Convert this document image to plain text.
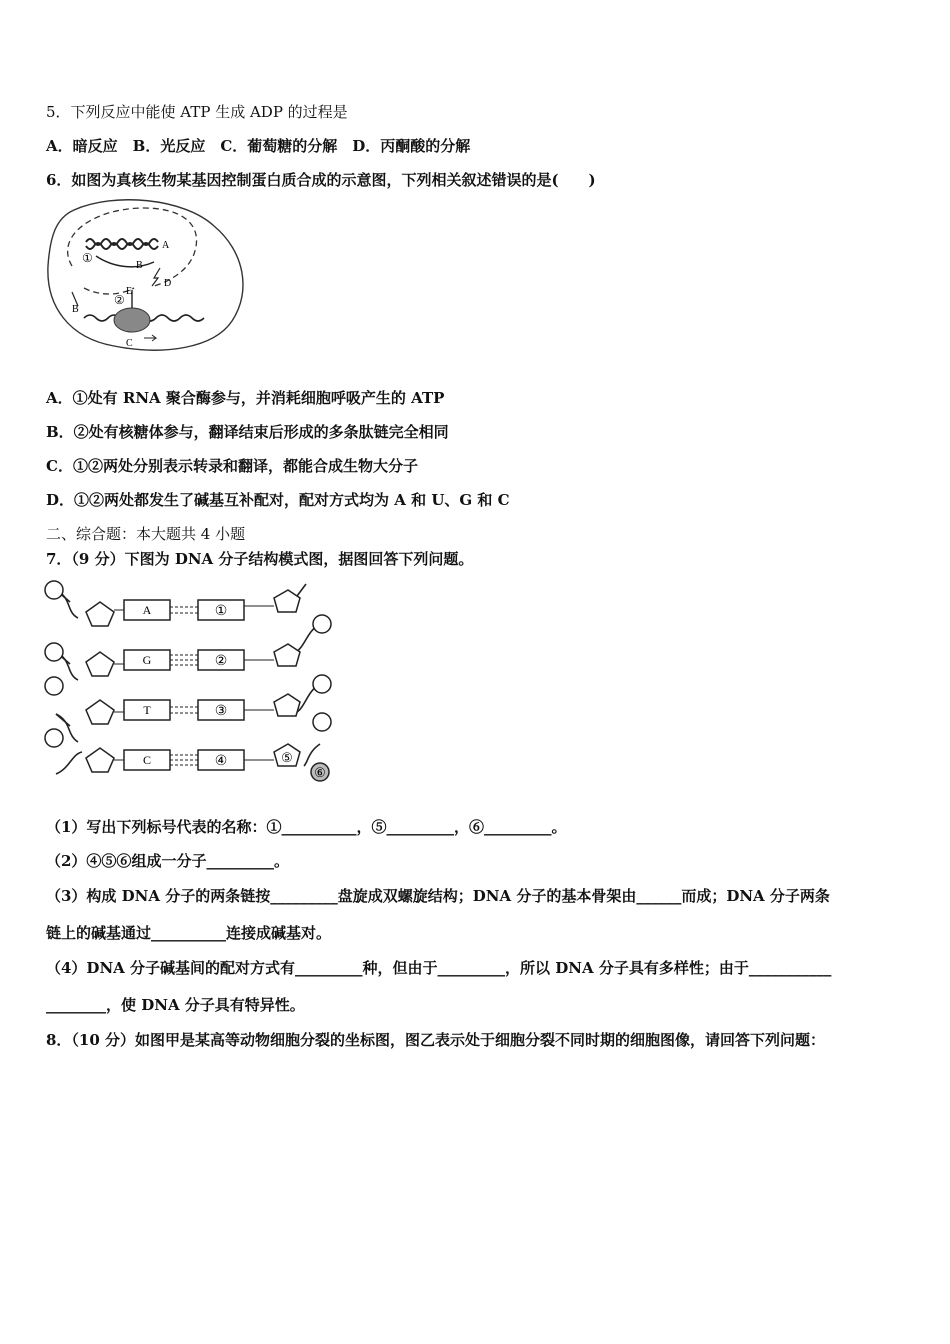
5．下列反应中能使 ATP 生成 ADP 的过程是
A．暗反应　B．光反应　C．葡萄糖的分解　D．丙酮酸的分解
6．如图为真核生物某基因控制蛋白质合成的示意图，下列相关叙述错误的是(　　)
A
①
B
B
②
E
D
C
A．①处有 RNA 聚合酶参与，并消耗细胞呼吸产生的 ATP
B．②处有核糖体参与，翻译结束后形成的多条肽链完全相同
C．①②两处分别表示转录和翻译，都能合成生物大分子
D．①②两处都发生了碱基互补配对，配对方式均为 A 和 U、G 和 C
二、综合题：本大题共 4 小题
7．（9 分）下图为 DNA 分子结构模式图，据图回答下列问题。
A
G
T
C
①
②
③
④	⑤
⑥
（1）写出下列标号代表的名称：①__________，⑤_________，⑥_________。
（2）④⑤⑥组成一分子_________。
（3）构成 DNA 分子的两条链按_________盘旋成双螺旋结构；DNA 分子的基本骨架由______而成；DNA 分子两条
链上的碱基通过__________连接成碱基对。
（4）DNA 分子碱基间的配对方式有_________种，但由于_________，所以 DNA 分子具有多样性；由于___________
________，使 DNA 分子具有特异性。
8．（10 分）如图甲是某高等动物细胞分裂的坐标图，图乙表示处于细胞分裂不同时期的细胞图像，请回答下列问题：
